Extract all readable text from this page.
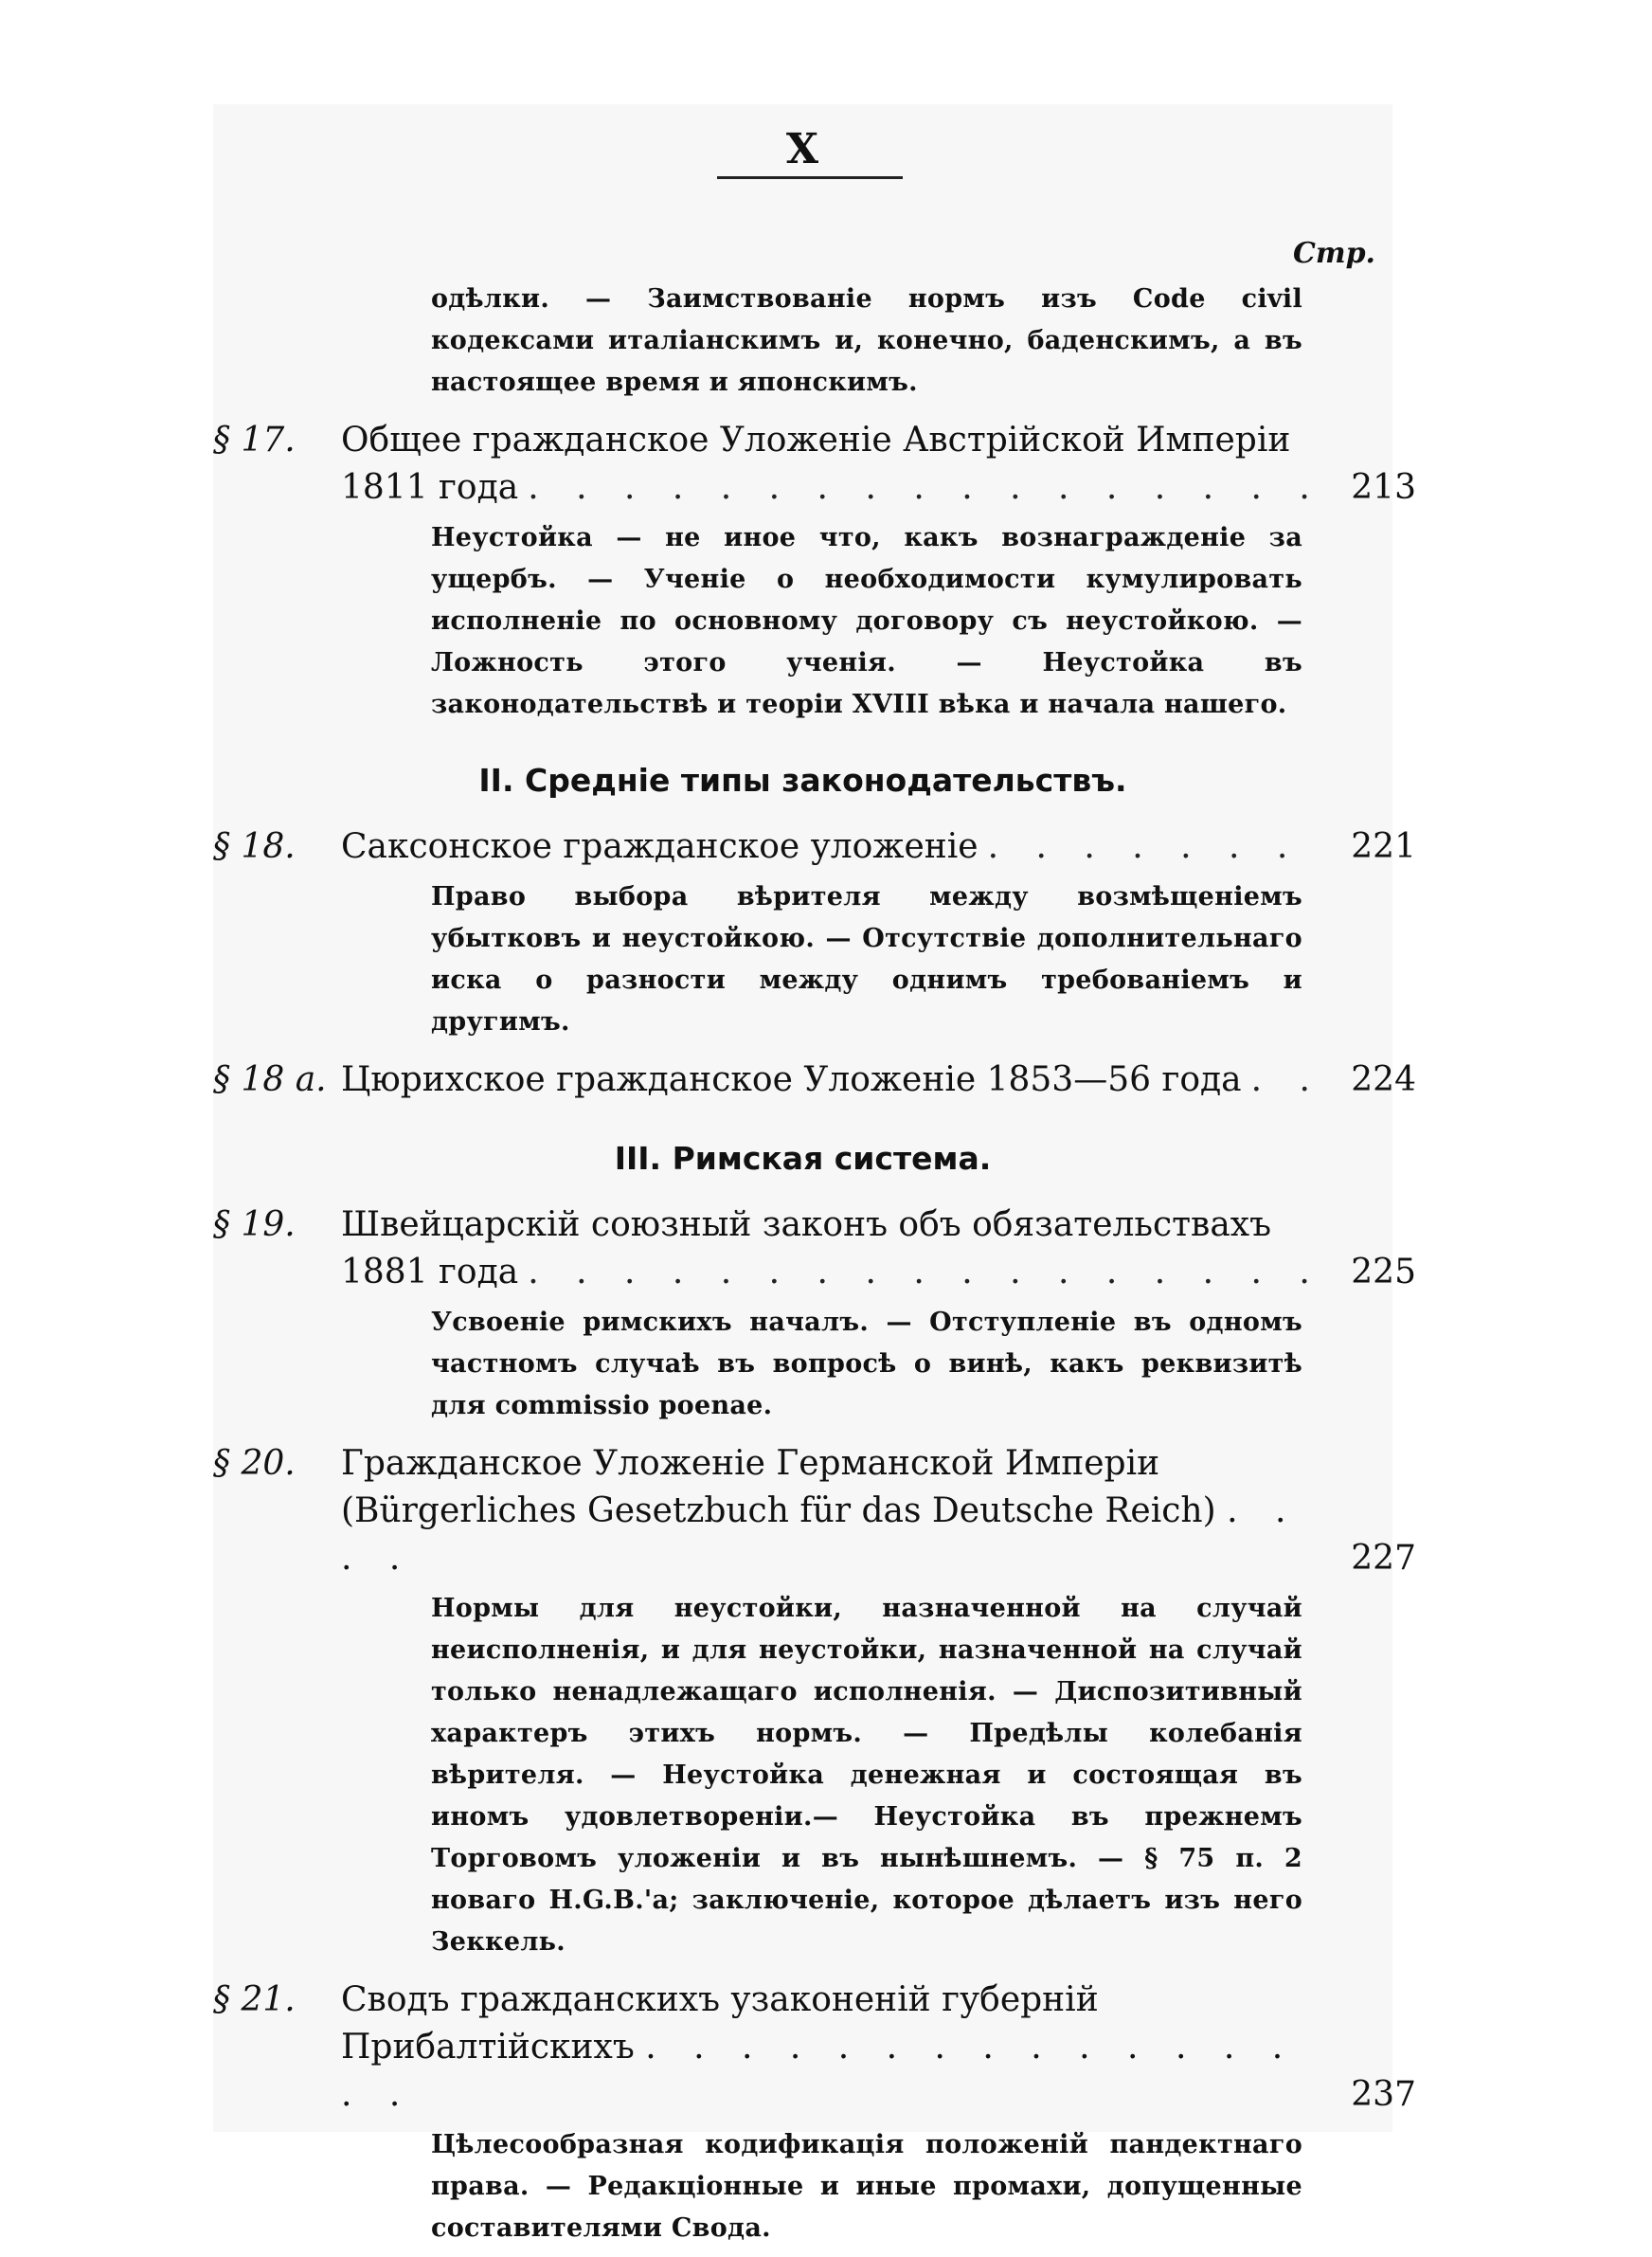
X
Стр.
одѣлки. — Заимствованіе нормъ изъ Code civil кодексами италіанскимъ и, конечно, баденскимъ, а въ настоящее время и японскимъ.
§ 17.	Общее гражданское Уложеніе Австрійской Имперіи
1811 года . . .	213
Неустойка — не иное что, какъ вознагражденіе за ущербъ. — Ученіе о необходимости кумулировать исполненіе по основному договору съ неустойкою. — Ложность этого ученія. — Неустойка въ законодательствѣ и теоріи XVIII вѣка и начала нашего.
II. Средніе типы законодательствъ.
§ 18.	Саксонское гражданское уложеніе . . .	221
Право выбора вѣрителя между возмѣщеніемъ убытковъ и неустойкою. — Отсутствіе дополнительнаго иска о разности между однимъ требованіемъ и другимъ.
§ 18 a. Цюрихское гражданское Уложеніе 1853—56 года . . .	224
III. Римская система.
§ 19.	Швейцарскій союзный законъ объ обязательствахъ
1881 года . . .	225
Усвоеніе римскихъ началъ. — Отступленіе въ одномъ частномъ случаѣ въ вопросѣ о винѣ, какъ реквизитѣ для commissio poenae.
§ 20.	Гражданское Уложеніе Германской Имперіи (Bürgerliches Gesetzbuch für das Deutsche Reich) . . . .	227
Нормы для неустойки, назначенной на случай неисполненія, и для неустойки, назначенной на случай только ненадлежащаго исполненія. — Диспозитивный характеръ этихъ нормъ. — Предѣлы колебанія вѣрителя. — Неустойка денежная и состоящая въ иномъ удовлетвореніи.— Неустойка въ прежнемъ Торговомъ уложеніи и въ нынѣшнемъ. — § 75 п. 2 новаго H.G.B.'а; заключеніе, которое дѣлаетъ изъ него Зеккель.
§ 21.	Сводъ гражданскихъ узаконеній губерній Прибалтійскихъ . . . . . . . . . . . . . . . .	237
Цѣлесообразная кодификація положеній пандектнаго права. — Редакціонные и иные промахи, допущенные составителями Свода.
